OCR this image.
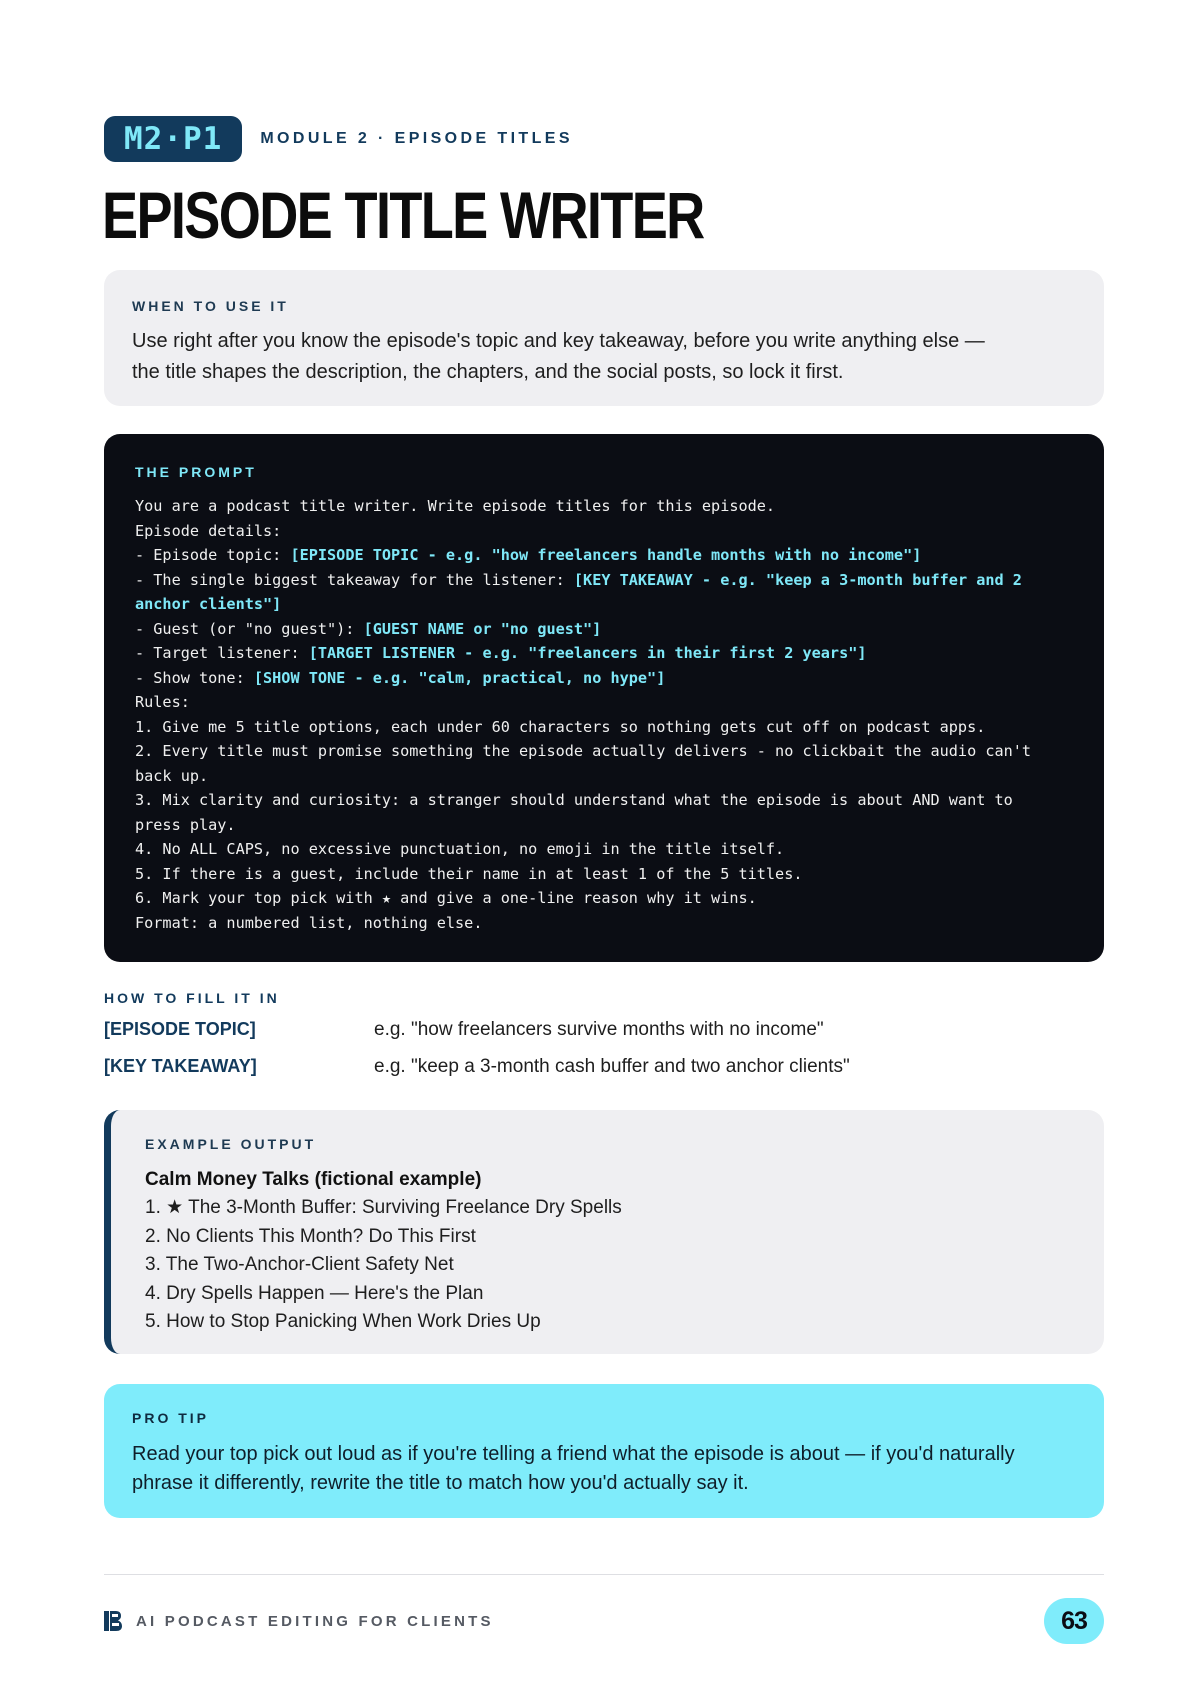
M2·P1	MODULE 2 · EPISODE TITLES
EPISODE TITLE WRITER
WHEN TO USE IT
Use right after you know the episode's topic and key takeaway, before you write anything else —
the title shapes the description, the chapters, and the social posts, so lock it first.
THE PROMPT
You are a podcast title writer. Write episode titles for this episode.
Episode details:
- Episode topic: [EPISODE TOPIC - e.g. "how freelancers handle months with no income"]
- The single biggest takeaway for the listener: [KEY TAKEAWAY - e.g. "keep a 3-month buffer and 2
anchor clients"]
- Guest (or "no guest"): [GUEST NAME or "no guest"]
- Target listener: [TARGET LISTENER - e.g. "freelancers in their first 2 years"]
- Show tone: [SHOW TONE - e.g. "calm, practical, no hype"]
Rules:
1. Give me 5 title options, each under 60 characters so nothing gets cut off on podcast apps.
2. Every title must promise something the episode actually delivers - no clickbait the audio can't
back up.
3. Mix clarity and curiosity: a stranger should understand what the episode is about AND want to
press play.
4. No ALL CAPS, no excessive punctuation, no emoji in the title itself.
5. If there is a guest, include their name in at least 1 of the 5 titles.
6. Mark your top pick with ★ and give a one-line reason why it wins.
Format: a numbered list, nothing else.
HOW TO FILL IT IN
[EPISODE TOPIC]	e.g. "how freelancers survive months with no income"
[KEY TAKEAWAY]	e.g. "keep a 3-month cash buffer and two anchor clients"
EXAMPLE OUTPUT
Calm Money Talks (fictional example)
1. ★ The 3-Month Buffer: Surviving Freelance Dry Spells
2. No Clients This Month? Do This First
3. The Two-Anchor-Client Safety Net
4. Dry Spells Happen — Here's the Plan
5. How to Stop Panicking When Work Dries Up
PRO TIP
Read your top pick out loud as if you're telling a friend what the episode is about — if you'd naturally
phrase it differently, rewrite the title to match how you'd actually say it.
AI PODCAST EDITING FOR CLIENTS	63
